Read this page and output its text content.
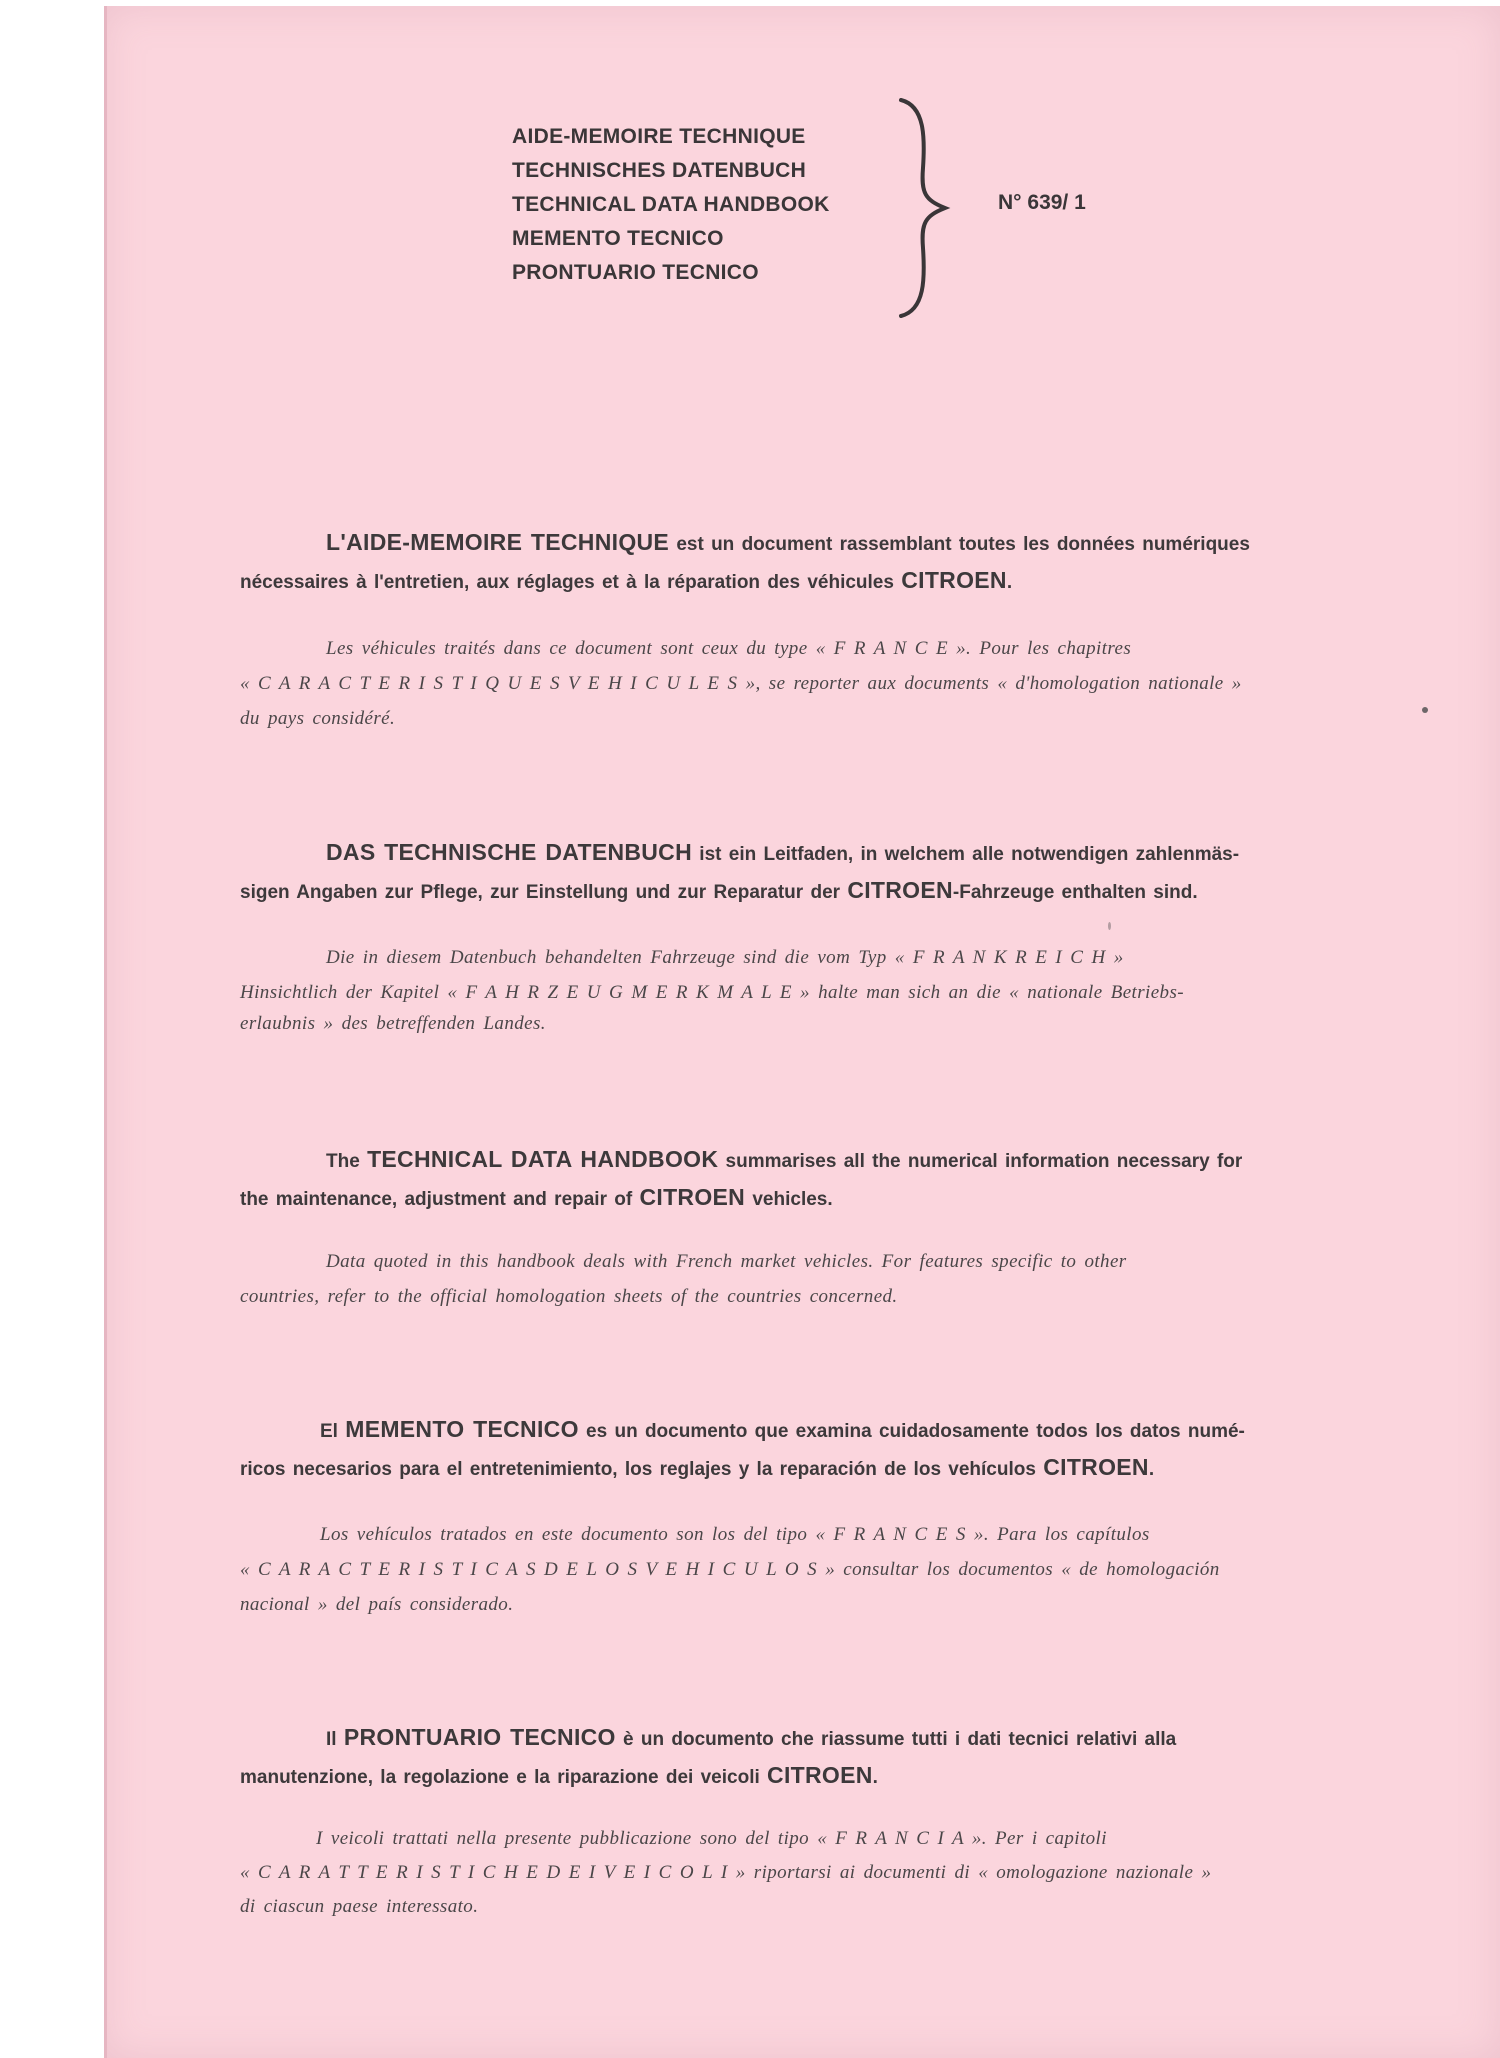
AIDE-MEMOIRE TECHNIQUE
TECHNISCHES DATENBUCH
TECHNICAL DATA HANDBOOK
MEMENTO TECNICO
PRONTUARIO TECNICO
N° 639/ 1

L'AIDE-MEMOIRE TECHNIQUE est un document rassemblant toutes les données numériques

nécessaires à l'entretien, aux réglages et à la réparation des véhicules CITROEN.

Les véhicules traités dans ce document sont ceux du type « F R A N C E ». Pour les chapitres

« C A R A C T E R I S T I Q U E S V E H I C U L E S », se reporter aux documents « d'homologation nationale »

du pays considéré.

DAS TECHNISCHE DATENBUCH ist ein Leitfaden, in welchem alle notwendigen zahlenmäs-

sigen Angaben zur Pflege, zur Einstellung und zur Reparatur der CITROEN-Fahrzeuge enthalten sind.

Die in diesem Datenbuch behandelten Fahrzeuge sind die vom Typ « F R A N K R E I C H »

Hinsichtlich der Kapitel « F A H R Z E U G M E R K M A L E » halte man sich an die « nationale Betriebs-

erlaubnis » des betreffenden Landes.

The TECHNICAL DATA HANDBOOK summarises all the numerical information necessary for

the maintenance, adjustment and repair of CITROEN vehicles.

Data quoted in this handbook deals with French market vehicles. For features specific to other

countries, refer to the official homologation sheets of the countries concerned.

El MEMENTO TECNICO es un documento que examina cuidadosamente todos los datos numé-

ricos necesarios para el entretenimiento, los reglajes y la reparación de los vehículos CITROEN.

Los vehículos tratados en este documento son los del tipo « F R A N C E S ». Para los capítulos

« C A R A C T E R I S T I C A S D E L O S V E H I C U L O S » consultar los documentos « de homologación

nacional » del país considerado.

Il PRONTUARIO TECNICO è un documento che riassume tutti i dati tecnici relativi alla

manutenzione, la regolazione e la riparazione dei veicoli CITROEN.

I veicoli trattati nella presente pubblicazione sono del tipo « F R A N C I A ». Per i capitoli

« C A R A T T E R I S T I C H E D E I V E I C O L I » riportarsi ai documenti di « omologazione nazionale »

di ciascun paese interessato.
